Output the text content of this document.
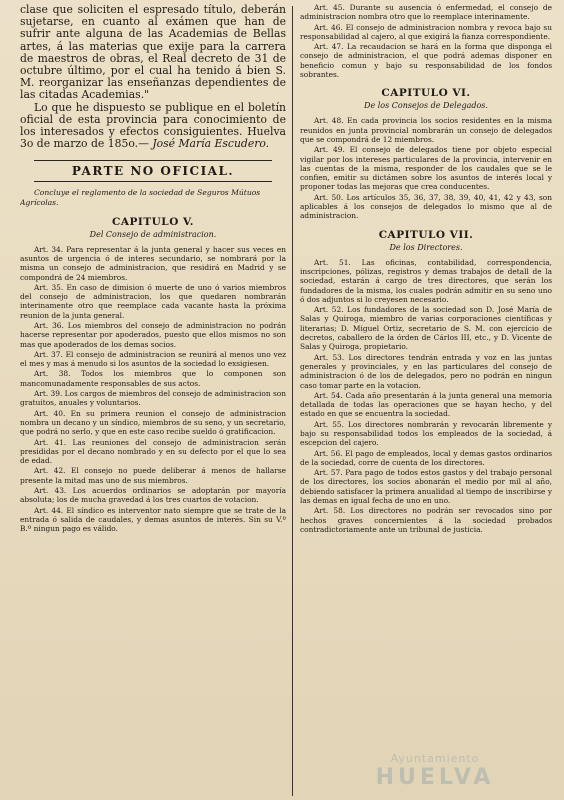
clase que soliciten el espresado título, deberán sujetarse, en cuanto al exámen que han de sufrir ante alguna de las Academias de Bellas artes, á las materias que exije para la carrera de maestros de obras, el Real decreto de 31 de octubre último, por el cual ha tenido á bien S. M. reorganizar las enseñanzas dependientes de las citadas Academias."

Lo que he dispuesto se publique en el boletín oficial de esta provincia para conocimiento de los interesados y efectos consiguientes. Huelva 3o de marzo de 185o.— José María Escudero.

PARTE NO OFICIAL.

Concluye el reglamento de la sociedad de Seguros Mútuos Agrícolas.

CAPITULO V.
Del Consejo de administracion.

Art. 34. Para representar á la junta general y hacer sus veces en asuntos de urgencia ó de interes secundario, se nombrará por la misma un consejo de administracion, que residirá en Madrid y se compondrá de 24 miembros.

Art. 35. En caso de dimision ó muerte de uno ó varios miembros del consejo de administracion, los que quedaren nombrarán interinamente otro que reemplace cada vacante hasta la próxima reunion de la junta general.

Art. 36. Los miembros del consejo de administracion no podrán hacerse representar por apoderados, puesto que ellos mismos no son mas que apoderados de los demas socios.

Art. 37. El consejo de administracion se reunirá al menos uno vez el mes y mas á menudo si los asuntos de la sociedad lo exsigiesen.

Art. 38. Todos los miembros que lo componen son mancomunadamente responsables de sus actos.

Art. 39. Los cargos de miembros del consejo de administracion son gratuitos, anuales y voluntarios.

Art. 40. En su primera reunion el consejo de administracion nombra un decano y un síndico, miembros de su seno, y un secretario, que podrá no serlo, y que en este caso recibe sueldo ó gratificacion.

Art. 41. Las reuniones del consejo de administracion serán presididas por el decano nombrado y en su defecto por el que lo sea de edad.

Art. 42. El consejo no puede deliberar á menos de hallarse presente la mitad mas uno de sus miembros.

Art. 43. Los acuerdos ordinarios se adoptarán por mayoría absoluta; los de mucha gravedad á los tres cuartos de votacion.

Art. 44. El síndico es interventor nato siempre que se trate de la entrada ó salida de caudales, y demas asuntos de interés. Sin su V.º B.º ningun pago es válido.

Art. 45. Durante su ausencia ó enfermedad, el consejo de administracion nombra otro que lo reemplace interinamente.

Art. 46. El consejo de administracion nombra y revoca bajo su responsabilidad al cajero, al que exigirá la fianza correspondiente.

Art. 47. La recaudacion se hará en la forma que disponga el consejo de administracion, el que podrá ademas disponer en beneficio comun y bajo su responsabilidad de los fondos sobrantes.

CAPITULO VI.
De los Consejos de Delegados.

Art. 48. En cada provincia los socios residentes en la misma reunidos en junta provincial nombrarán un consejo de delegados que se compondrá de 12 miembros.

Art. 49. El consejo de delegados tiene por objeto especial vigilar por los intereses particulares de la provincia, intervenir en las cuentas de la misma, responder de los caudales que se le confien, emitir su dictámen sobre los asuntos de interés local y proponer todas las mejoras que crea conducentes.

Art. 50. Los artículos 35, 36, 37, 38, 39, 40, 41, 42 y 43, son aplicables á los consejos de delegados lo mismo que al de administracion.

CAPITULO VII.
De los Directores.

Art. 51. Las oficinas, contabilidad, correspondencia, inscripciones, pólizas, registros y demas trabajos de detall de la sociedad, estarán á cargo de tres directores, que serán los fundadores de la misma, los cuales podrán admitir en su seno uno ó dos adjuntos si lo creyesen necesario.

Art. 52. Los fundadores de la sociedad son D. José María de Salas y Quiroga, miembro de varias corporaciones científicas y literarias; D. Miguel Ortiz, secretario de S. M. con ejercicio de decretos, caballero de la órden de Cárlos III, etc., y D. Vicente de Salas y Quiroga, propietario.

Art. 53. Los directores tendrán entrada y voz en las juntas generales y provinciales, y en las particulares del consejo de administracion ó de los de delegados, pero no podrán en ningun caso tomar parte en la votacion.

Art. 54. Cada año presentarán á la junta general una memoria detallada de todas las operaciones que se hayan hecho, y del estado en que se encuentra la sociedad.

Art. 55. Los directores nombrarán y revocarán libremente y bajo su responsabilidad todos los empleados de la sociedad, á escepcion del cajero.

Art. 56. El pago de empleados, local y demas gastos ordinarios de la sociedad, corre de cuenta de los directores.

Art. 57. Para pago de todos estos gastos y del trabajo personal de los directores, los socios abonarán el medio por mil al año, debiendo satisfacer la primera anualidad al tiempo de inscribirse y las demas en igual fecha de uno en uno.

Art. 58. Los directores no podrán ser revocados sino por hechos graves concernientes á la sociedad probados contradictoriamente ante un tribunal de justicia.

Ayuntamiento
HUELVA
